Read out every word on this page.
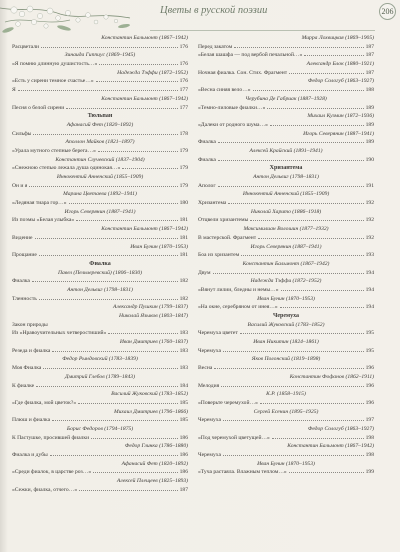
Цветы в русской поэзии	206
Константин Бальмонт (1867–1942)
Расцветали	176
Зинаида Гиппиус (1869–1945)
«Я помню длинную душистость…»	176
Надежда Тэффи (1872–1952)
«Есть у сирени темное счастье…»	176
Я	177
Константин Бальмонт (1867–1942)
Песня о белой сирени	177
Тюльпан
Афанасий Фет (1820–1892)
Сильфы	178
Аполлон Майков (1821–1897)
«Урала мутного степные берега…»	179
Константин Случевский (1837–1904)
«Снежною степью лежала душа одинокая…»	179
Иннокентий Анненский (1855–1909)
Он и я	179
Марина Цветаева (1892–1941)
«Ледяная тиара гор…»	180
Игорь Северянин (1887–1941)
Из поэмы «Белая улыбка»	181
Константин Бальмонт (1867–1942)
Видение	181
Иван Бунин (1870–1953)
Прощание	181
Фиалка
Павел (Пельчеревский) (1806–1830)
Фиалка	182
Антон Дельвиг (1798–1831)
Тленность	182
Александр Пушкин (1799–1837)
Николай Языков (1803–1847)
Закон природы
Из «Нравоучительных четверостиший»	183
Иван Дмитриев (1760–1837)
Резеда и фиалка	183
Федор Рындовский (1783–1839)
Моя Фиалка	183
Дмитрий Глебов (1789–1843)
К фиалке	184
Василий Жуковский (1783–1852)
«Где фиалка, мой цветок?»	185
Михаил Дмитриев (1796–1866)
Плюш и фиалка	185
Борис Федоров (1794–1875)
К Пастушке, просившей фиалки	186
Федор Глинка (1786–1880)
Фиалка и дубы	186
Афанасий Фет (1820–1892)
«Среди фиалок, в царстве роз…»	186
Алексей Плещеев (1825–1893)
«Сежки, фиалка, отчего…»	187
Мирра Лохвицкая (1869–1905)
Перед закатом	187
«Белая шашфа — под вербой печальной…»	187
Александр Блок (1880–1921)
Ночная фиалка. Сон. Стих. Фрагмент	187
Федор Сологуб (1863–1927)
«Весна синяя вело…»	188
Черубина Де Габриак (1887–1928)
«Темно-лиловые фиалки…»	189
Михаил Кузмин (1872–1936)
«Далеки от родного шума…»	189
Игорь Северянин (1887–1941)
Фиалка	189
Алексей Крайский (1891–1941)
Фиалка	190
Хризантема
Антон Дельвиг (1798–1831)
Аполог	191
Иннокентий Анненский (1855–1909)
Хризантема	192
Николай Харито (1886–1918)
Отцвели хризантемы	192
Максимилиан Волошин (1877–1932)
В мастерской. Фрагмент	192
Игорь Северянин (1887–1941)
Боа из хризантем	193
Константин Бальмонт (1867–1942)
Двум	194
Надежда Тэффи (1872–1952)
«Вянут лилии, бледны и немы…»	194
Иван Бунин (1870–1953)
«На окне, серебряном от инея…»	194
Черемуха
Василий Жуковский (1783–1852)
Черемуха цветет	195
Иван Никитин (1824–1861)
Черемуха	195
Яков Полонский (1819–1898)
Весна	196
Константин Фофанов (1862–1911)
Мелодия	196
К.Р. (1858–1915)
«Поверьте черемухой…»	196
Сергей Есенин (1895–1925)
Черемуха	197
Федор Сологуб (1863–1927)
«Под черемухой цветущей…»	198
Константин Бальмонт (1867–1942)
Черемуха	198
Иван Бунин (1870–1953)
«Туча растаяла. Влажным теплом…»	199
